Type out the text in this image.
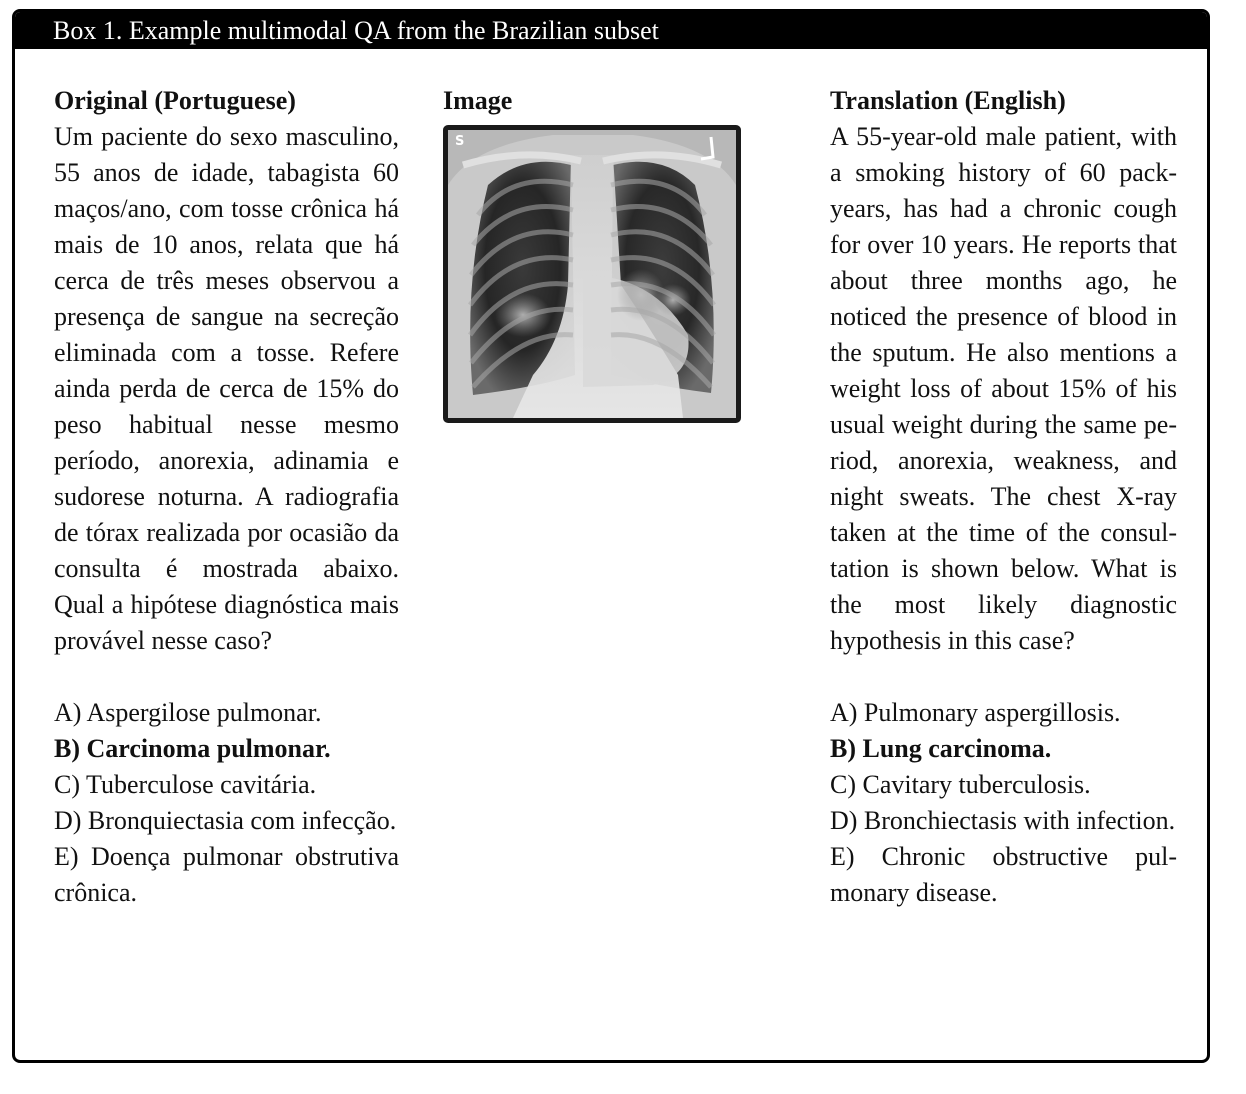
Box 1. Example multimodal QA from the Brazilian subset
Original (Portuguese)
Um paciente do sexo masculino, 55 anos de idade, tabagista 60 maços/ano, com tosse crônica há mais de 10 anos, relata que há cerca de três meses observou a presença de sangue na secreção eliminada com a tosse. Refere ainda perda de cerca de 15% do peso habitual nesse mesmo período, anorexia, adinamia e sudorese noturna. A radiografia de tórax realizada por ocasião da consulta é mostrada abaixo. Qual a hipótese diagnóstica mais provável nesse caso?
A) Aspergilose pulmonar.
B) Carcinoma pulmonar.
C) Tuberculose cavitária.
D) Bronquiectasia com infecção.
E) Doença pulmonar obstrutiva crônica.
Image
S
Translation (English)
A 55-year-old male patient, with a smoking history of 60 pack-years, has had a chronic cough for over 10 years. He reports that about three months ago, he noticed the presence of blood in the sputum. He also mentions a weight loss of about 15% of his usual weight during the same period, anorexia, weakness, and night sweats. The chest X-ray taken at the time of the consultation is shown below. What is the most likely diagnostic hypothesis in this case?
A) Pulmonary aspergillosis.
B) Lung carcinoma.
C) Cavitary tuberculosis.
D) Bronchiectasis with infection.
E) Chronic obstructive pulmonary disease.
